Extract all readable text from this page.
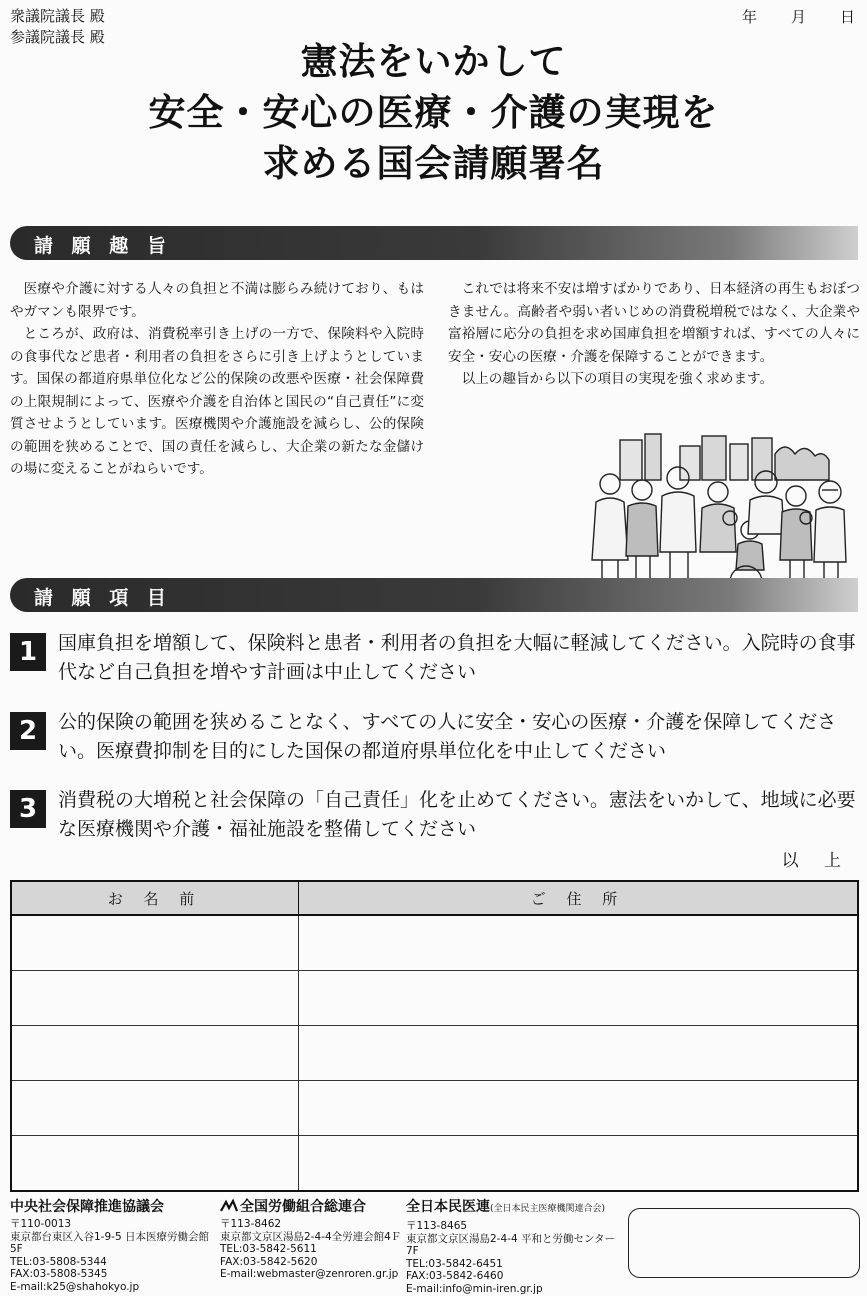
衆議院議長 殿
参議院議長 殿
年 月 日
憲法をいかして
安全・安心の医療・介護の実現を
求める国会請願署名
請 願 趣 旨

医療や介護に対する人々の負担と不満は膨らみ続けており、もはやガマンも限界です。

ところが、政府は、消費税率引き上げの一方で、保険料や入院時の食事代など患者・利用者の負担をさらに引き上げようとしています。国保の都道府県単位化など公的保険の改悪や医療・社会保障費の上限規制によって、医療や介護を自治体と国民の“自己責任”に変質させようとしています。医療機関や介護施設を減らし、公的保険の範囲を狭めることで、国の責任を減らし、大企業の新たな金儲けの場に変えることがねらいです。

これでは将来不安は増すばかりであり、日本経済の再生もおぼつきません。高齢者や弱い者いじめの消費税増税ではなく、大企業や富裕層に応分の負担を求め国庫負担を増額すれば、すべての人々に安全・安心の医療・介護を保障することができます。

以上の趣旨から以下の項目の実現を強く求めます。

請 願 項 目
1	国庫負担を増額して、保険料と患者・利用者の負担を大幅に軽減してください。入院時の食事代など自己負担を増やす計画は中止してください
2	公的保険の範囲を狭めることなく、すべての人に安全・安心の医療・介護を保障してください。医療費抑制を目的にした国保の都道府県単位化を中止してください
3	消費税の大増税と社会保障の「自己責任」化を止めてください。憲法をいかして、地域に必要な医療機関や介護・福祉施設を整備してください
以 上
お 名 前	ご 住 所

中央社会保障推進協議会
〒110-0013
東京都台東区入谷1-9-5 日本医療労働会館5F
TEL:03-5808-5344
FAX:03-5808-5345
E-mail:k25@shahokyo.jp
全国労働組合総連合
〒113-8462
東京都文京区湯島2-4-4全労連会館4Ｆ
TEL:03-5842-5611
FAX:03-5842-5620
E-mail:webmaster@zenroren.gr.jp
全日本民医連(全日本民主医療機関連合会)
〒113-8465
東京都文京区湯島2-4-4 平和と労働センター7F
TEL:03-5842-6451
FAX:03-5842-6460
E-mail:info@min-iren.gr.jp
